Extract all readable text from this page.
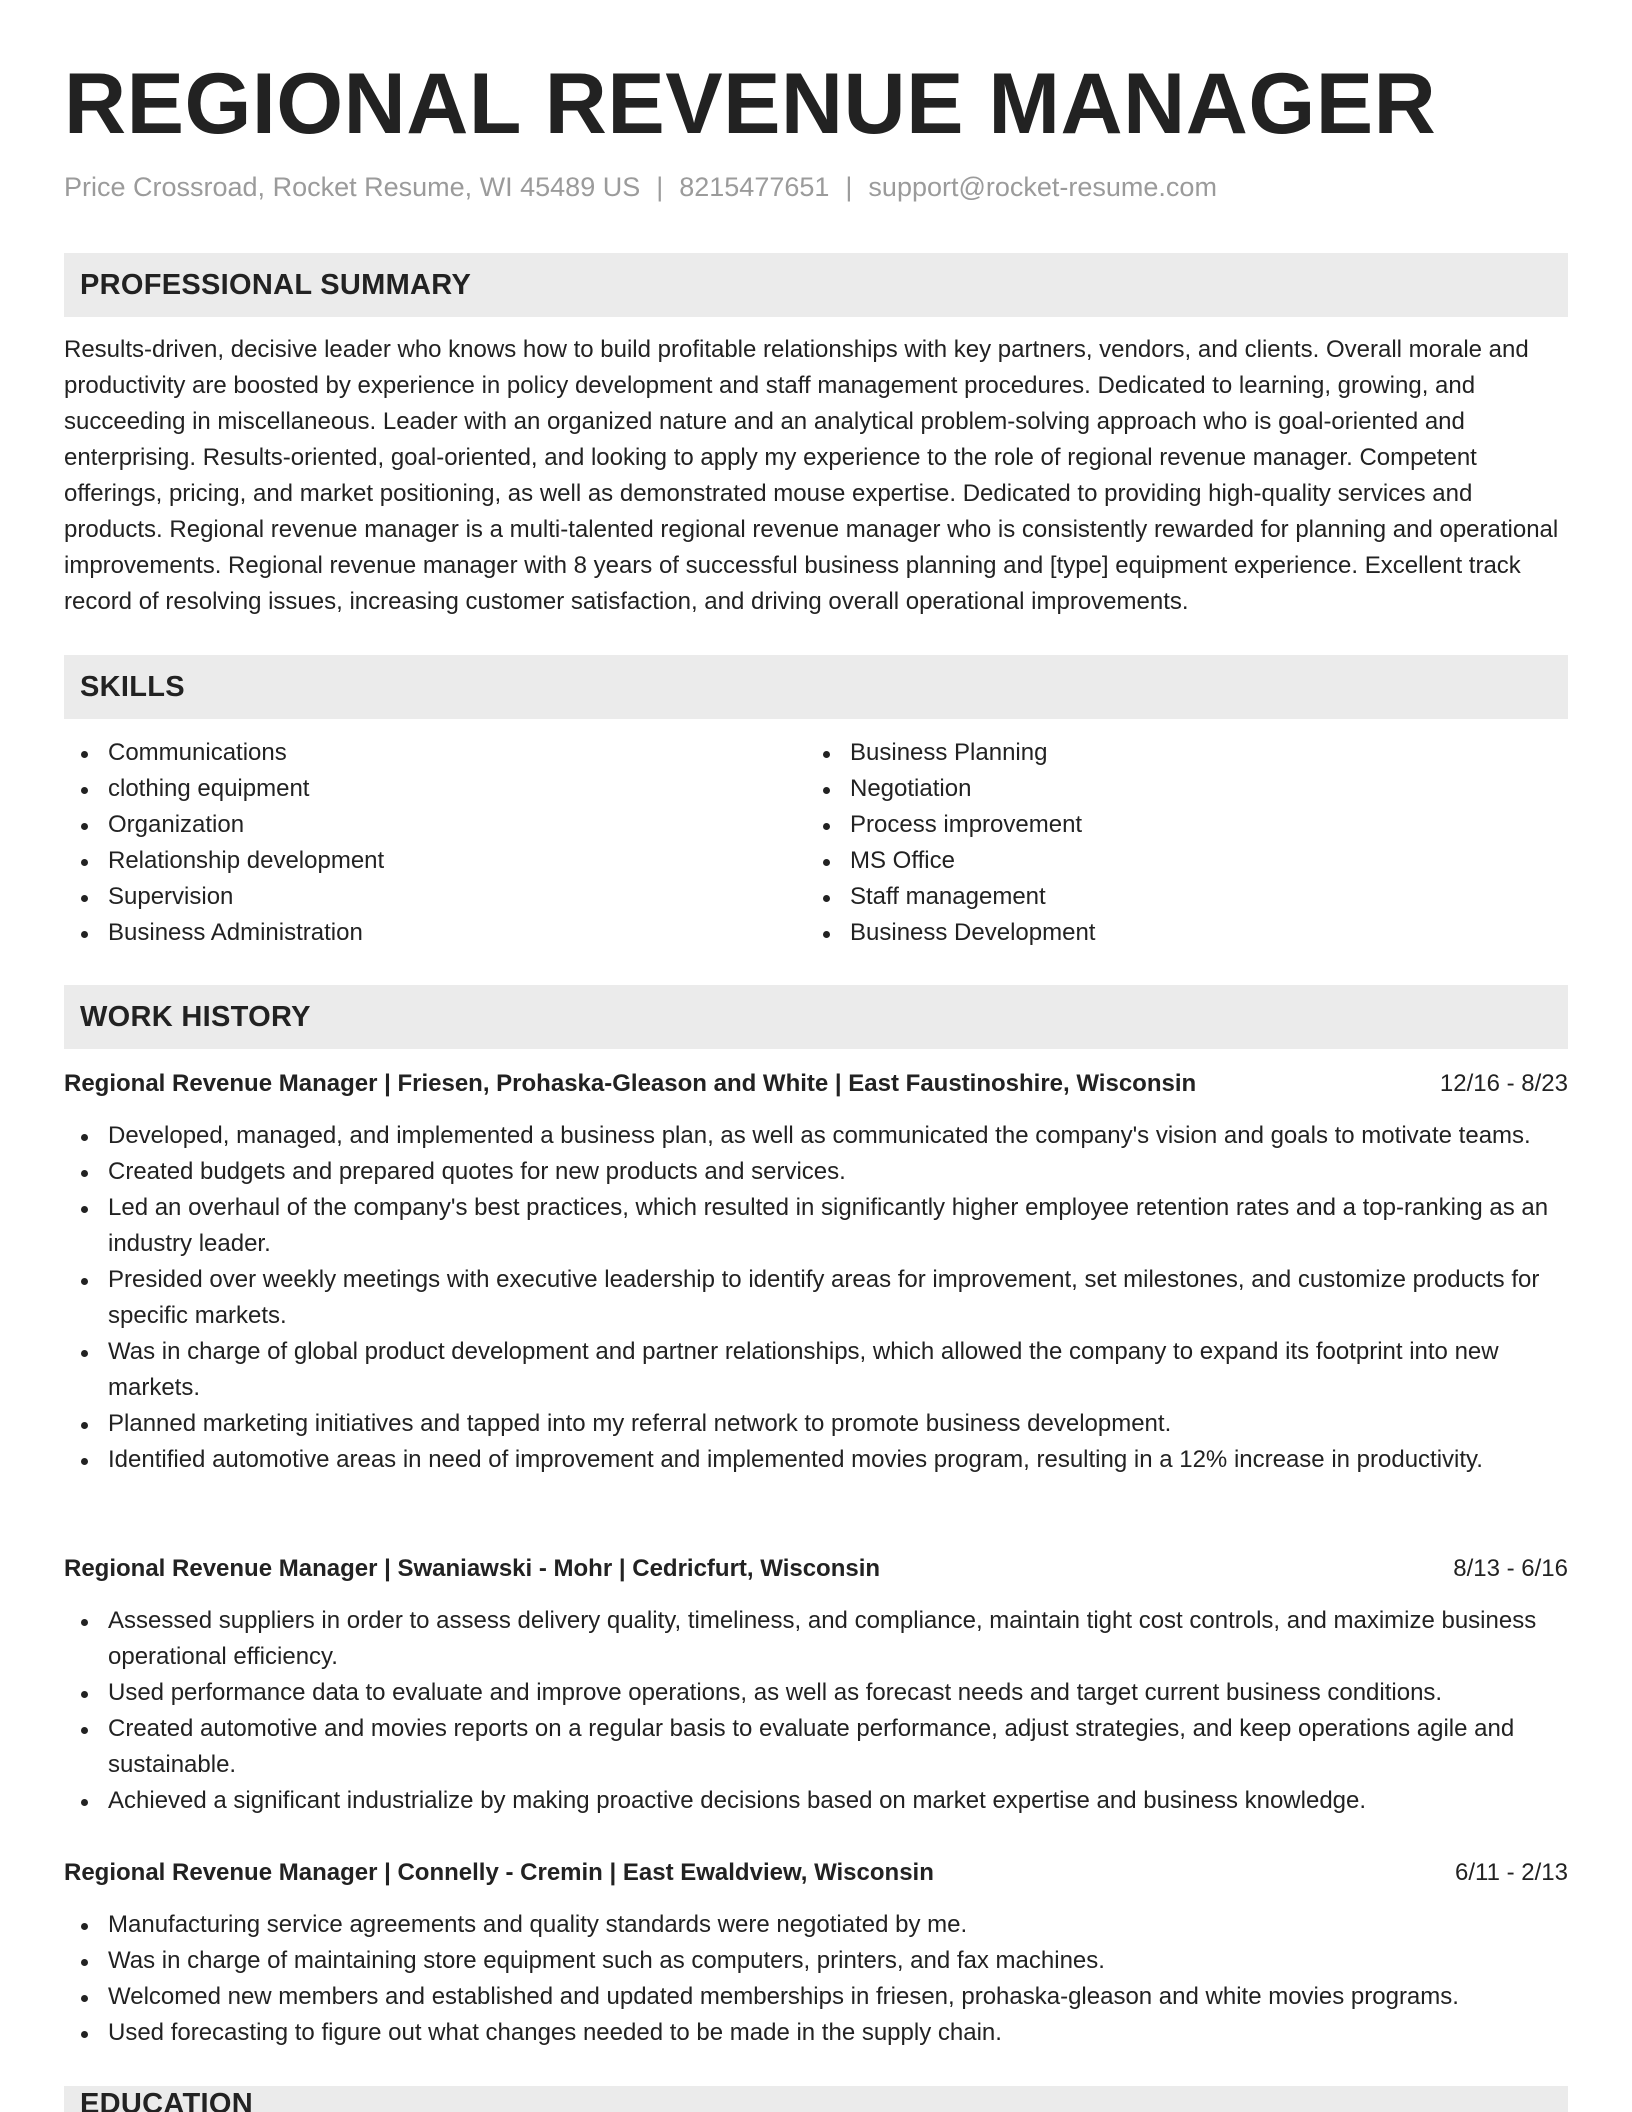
REGIONAL REVENUE MANAGER
Price Crossroad, Rocket Resume, WI 45489 US | 8215477651 | support@rocket-resume.com
PROFESSIONAL SUMMARY

Results-driven, decisive leader who knows how to build profitable relationships with key partners, vendors, and clients. Overall morale and productivity are boosted by experience in policy development and staff management procedures. Dedicated to learning, growing, and succeeding in miscellaneous. Leader with an organized nature and an analytical problem-solving approach who is goal-oriented and enterprising. Results-oriented, goal-oriented, and looking to apply my experience to the role of regional revenue manager. Competent offerings, pricing, and market positioning, as well as demonstrated mouse expertise. Dedicated to providing high-quality services and products. Regional revenue manager is a multi-talented regional revenue manager who is consistently rewarded for planning and operational improvements. Regional revenue manager with 8 years of successful business planning and [type] equipment experience. Excellent track record of resolving issues, increasing customer satisfaction, and driving overall operational improvements.

SKILLS
Communications
clothing equipment
Organization
Relationship development
Supervision
Business Administration
Business Planning
Negotiation
Process improvement
MS Office
Staff management
Business Development
WORK HISTORY
Regional Revenue Manager | Friesen, Prohaska-Gleason and White | East Faustinoshire, Wisconsin	12/16 - 8/23
Developed, managed, and implemented a business plan, as well as communicated the company's vision and goals to motivate teams.
Created budgets and prepared quotes for new products and services.
Led an overhaul of the company's best practices, which resulted in significantly higher employee retention rates and a top-ranking as an industry leader.
Presided over weekly meetings with executive leadership to identify areas for improvement, set milestones, and customize products for specific markets.
Was in charge of global product development and partner relationships, which allowed the company to expand its footprint into new markets.
Planned marketing initiatives and tapped into my referral network to promote business development.
Identified automotive areas in need of improvement and implemented movies program, resulting in a 12% increase in productivity.
Regional Revenue Manager | Swaniawski - Mohr | Cedricfurt, Wisconsin	8/13 - 6/16
Assessed suppliers in order to assess delivery quality, timeliness, and compliance, maintain tight cost controls, and maximize business operational efficiency.
Used performance data to evaluate and improve operations, as well as forecast needs and target current business conditions.
Created automotive and movies reports on a regular basis to evaluate performance, adjust strategies, and keep operations agile and sustainable.
Achieved a significant industrialize by making proactive decisions based on market expertise and business knowledge.
Regional Revenue Manager | Connelly - Cremin | East Ewaldview, Wisconsin	6/11 - 2/13
Manufacturing service agreements and quality standards were negotiated by me.
Was in charge of maintaining store equipment such as computers, printers, and fax machines.
Welcomed new members and established and updated memberships in friesen, prohaska-gleason and white movies programs.
Used forecasting to figure out what changes needed to be made in the supply chain.
EDUCATION
